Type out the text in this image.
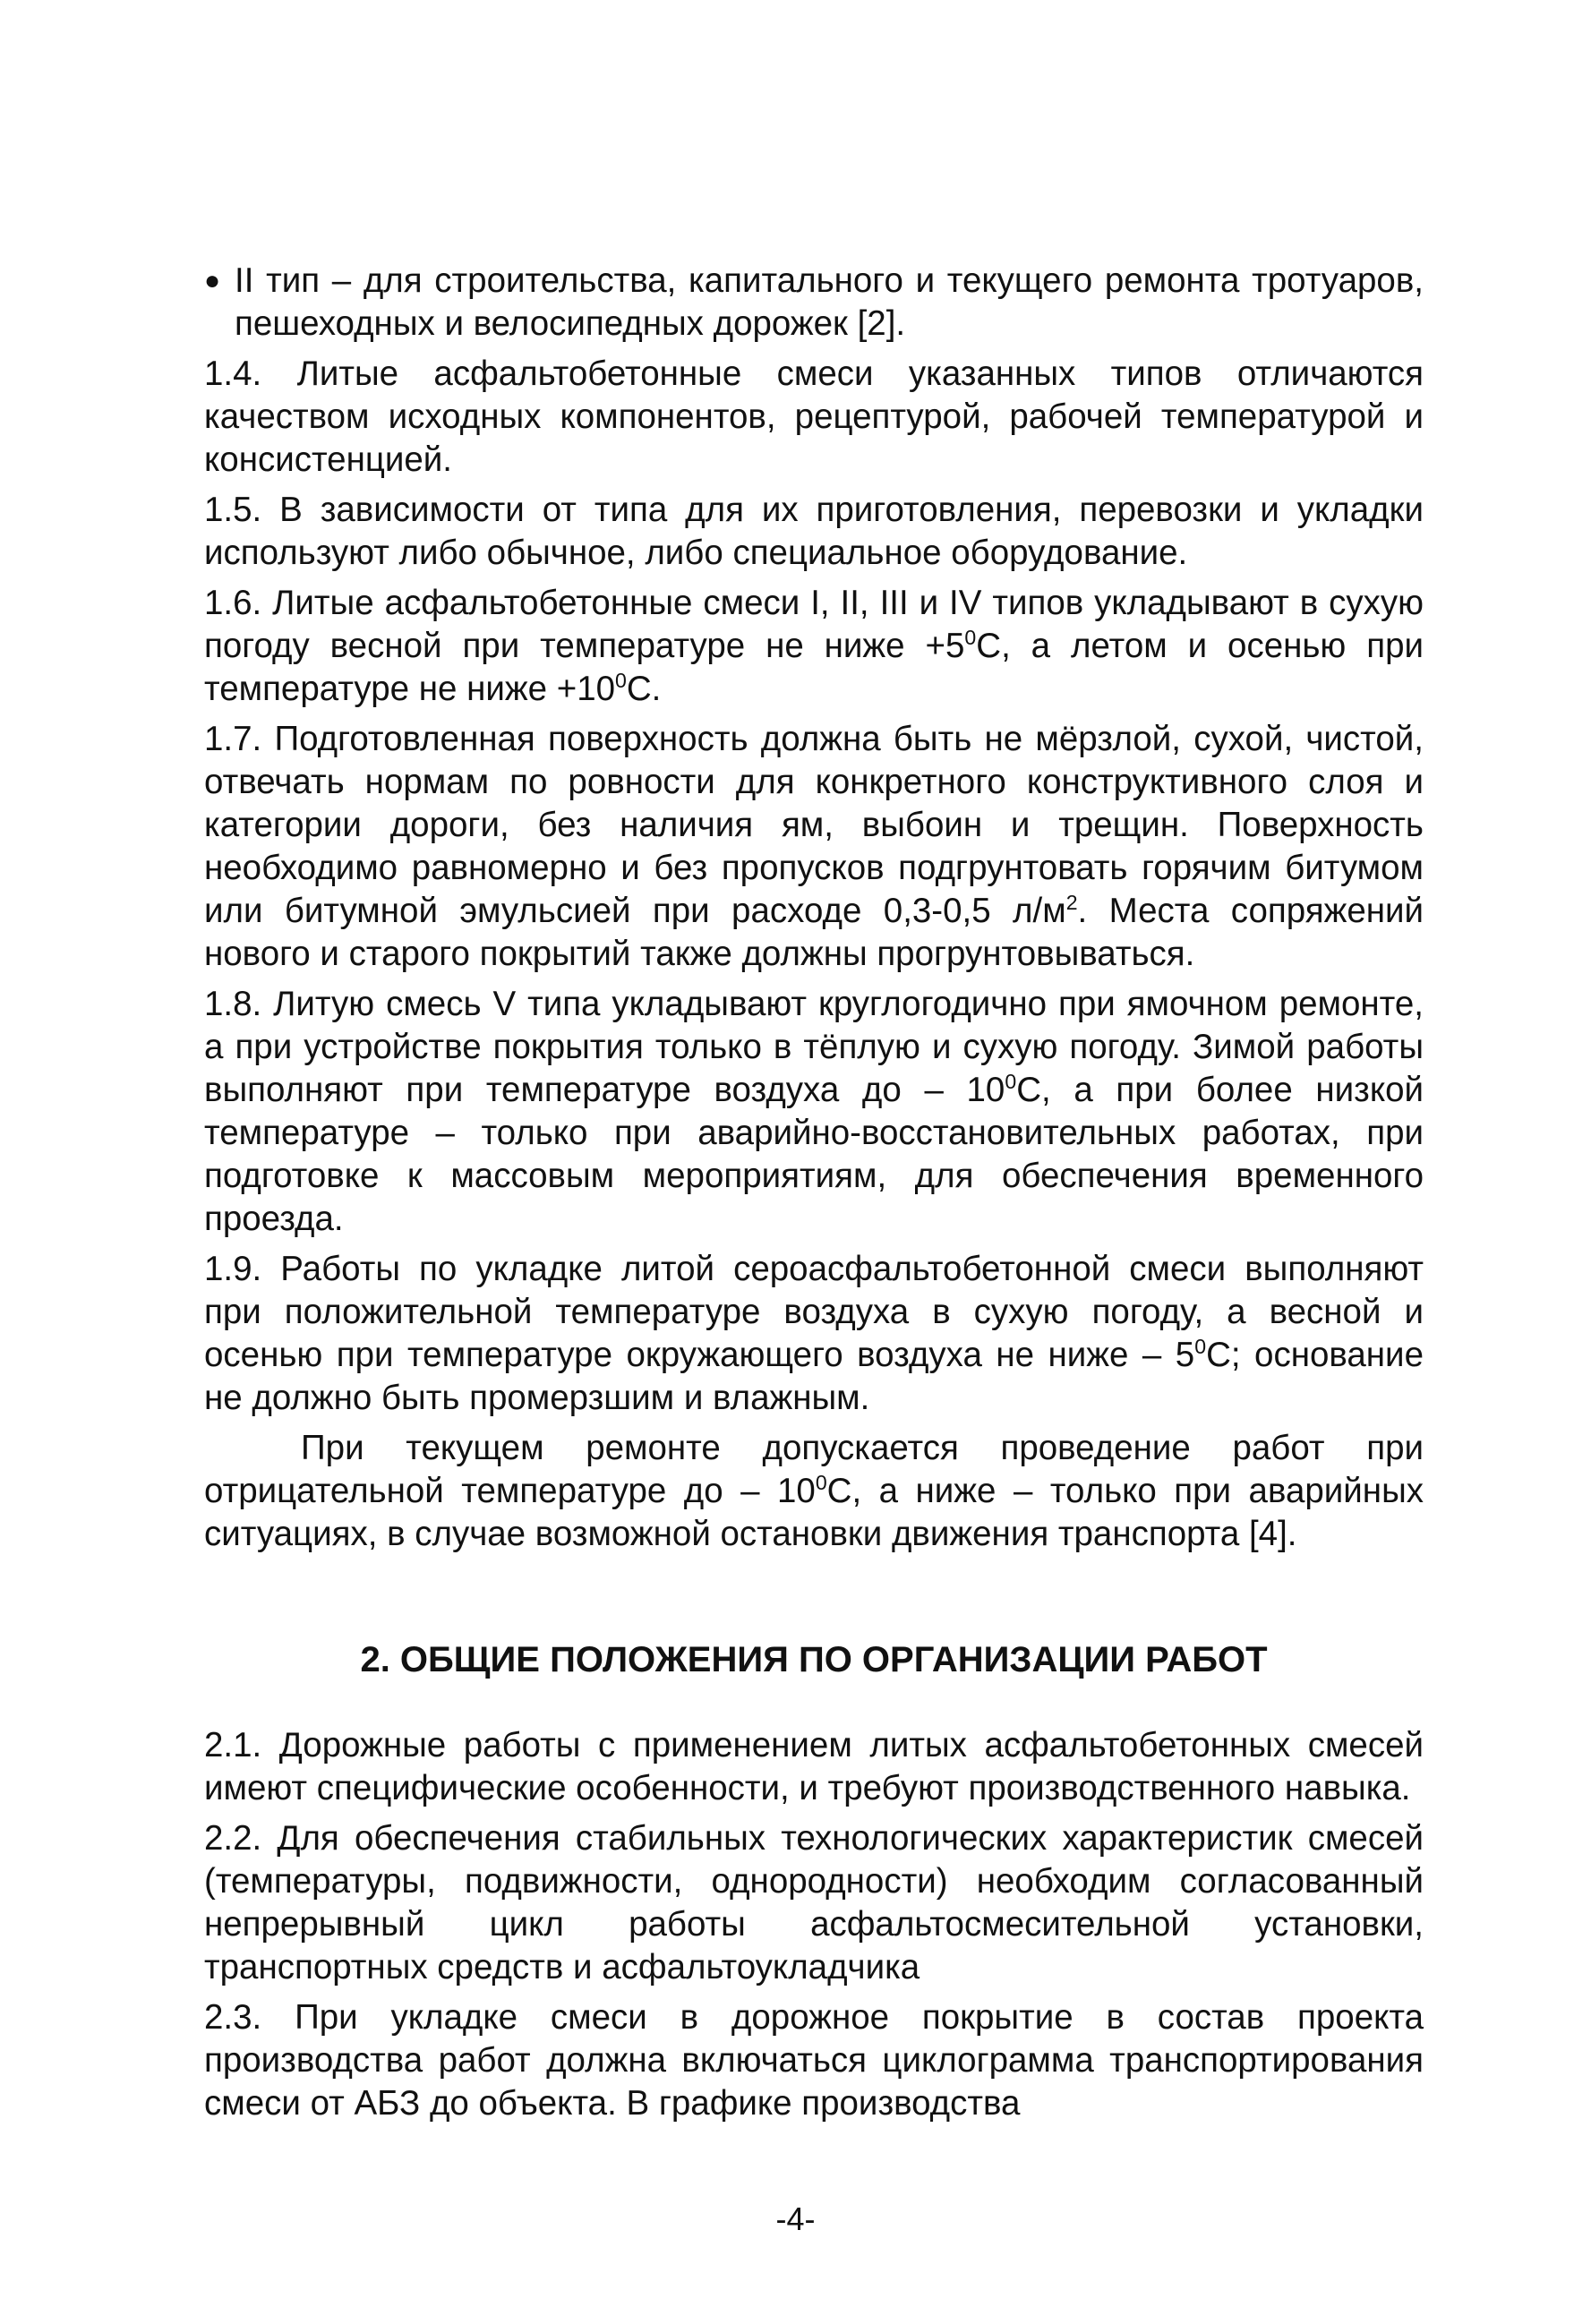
● II тип – для строительства, капитального и текущего ремонта тротуаров, пешеходных и велосипедных дорожек [2].

1.4. Литые асфальтобетонные смеси указанных типов отличаются качеством исходных компонентов, рецептурой, рабочей температурой и консистенцией.

1.5. В зависимости от типа для их приготовления, перевозки и укладки используют либо обычное, либо специальное оборудование.

1.6. Литые асфальтобетонные смеси I, II, III и IV типов укладывают в сухую погоду весной при температуре не ниже $+5^0С$, а летом и осенью при температуре не ниже $+10^0С$.

1.7. Подготовленная поверхность должна быть не мёрзлой, сухой, чистой, отвечать нормам по ровности для конкретного конструктивного слоя и категории дороги, без наличия ям, выбоин и трещин. Поверхность необходимо равномерно и без пропусков подгрунтовать горячим битумом или битумной эмульсией при расходе 0,3-0,5 $л/м^2$. Места сопряжений нового и старого покрытий также должны прогрунтовываться.

1.8. Литую смесь V типа укладывают круглогодично при ямочном ремонте, а при устройстве покрытия только в тёплую и сухую погоду. Зимой работы выполняют при температуре воздуха до – $10^0С$, а при более низкой температуре – только при аварийно-восстановительных работах, при подготовке к массовым мероприятиям, для обеспечения временного проезда.

1.9. Работы по укладке литой сероасфальтобетонной смеси выполняют при положительной температуре воздуха в сухую погоду, а весной и осенью при температуре окружающего воздуха не ниже – $5^0С$; основание не должно быть промерзшим и влажным.

При текущем ремонте допускается проведение работ при отрицательной температуре до – $10^0С$, а ниже – только при аварийных ситуациях, в случае возможной остановки движения транспорта [4].

2. ОБЩИЕ ПОЛОЖЕНИЯ ПО ОРГАНИЗАЦИИ РАБОТ

2.1. Дорожные работы с применением литых асфальтобетонных смесей имеют специфические особенности, и требуют производственного навыка.

2.2. Для обеспечения стабильных технологических характеристик смесей (температуры, подвижности, однородности) необходим согласованный непрерывный цикл работы асфальтосмесительной установки, транспортных средств и асфальтоукладчика

2.3. При укладке смеси в дорожное покрытие в состав проекта производства работ должна включаться циклограмма транспортирования смеси от АБЗ до объекта. В графике производства

-4-
